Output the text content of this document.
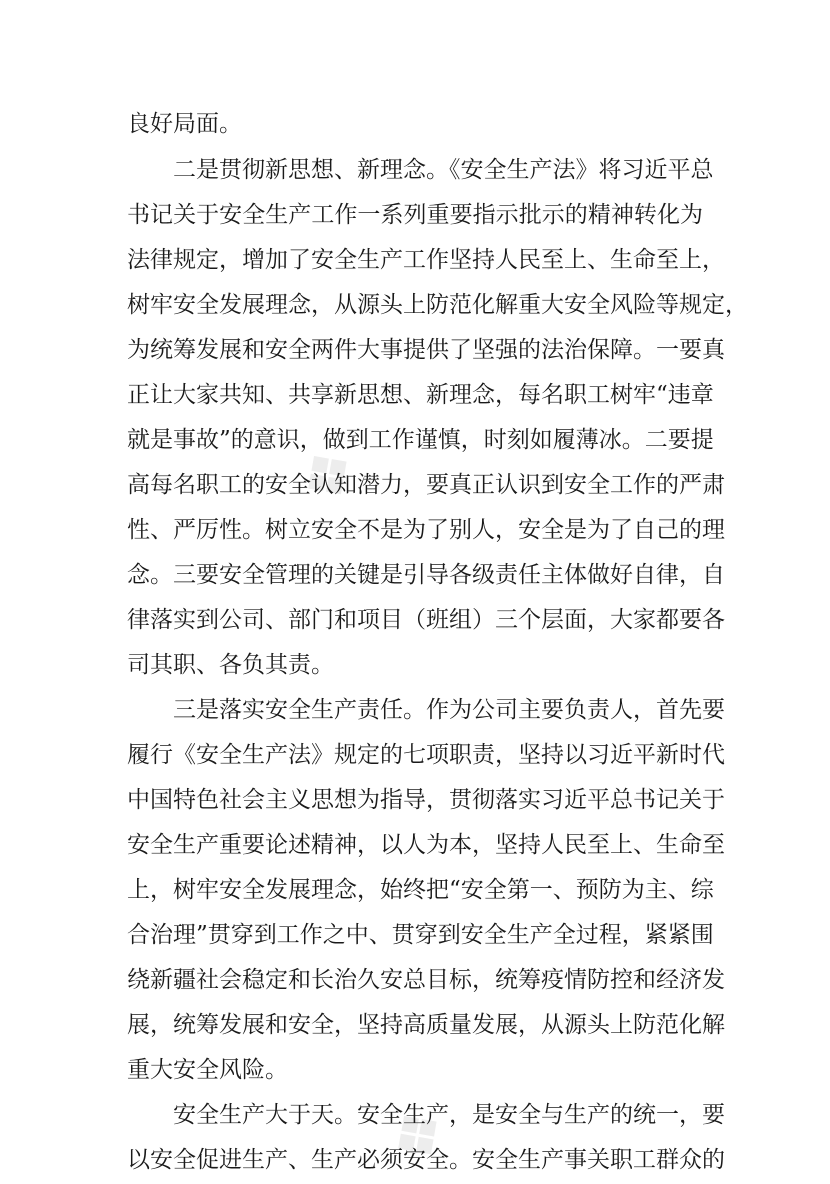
❖
❖
良好局面。
二是贯彻新思想、新理念。《安全生产法》将习近平总
书记关于安全生产工作一系列重要指示批示的精神转化为
法律规定，增加了安全生产工作坚持人民至上、生命至上，
树牢安全发展理念，从源头上防范化解重大安全风险等规定，
为统筹发展和安全两件大事提供了坚强的法治保障。一要真
正让大家共知、共享新思想、新理念，每名职工树牢“违章
就是事故”的意识，做到工作谨慎，时刻如履薄冰。二要提
高每名职工的安全认知潜力，要真正认识到安全工作的严肃
性、严厉性。树立安全不是为了别人，安全是为了自己的理
念。三要安全管理的关键是引导各级责任主体做好自律，自
律落实到公司、部门和项目（班组）三个层面，大家都要各
司其职、各负其责。
三是落实安全生产责任。作为公司主要负责人，首先要
履行《安全生产法》规定的七项职责，坚持以习近平新时代
中国特色社会主义思想为指导，贯彻落实习近平总书记关于
安全生产重要论述精神，以人为本，坚持人民至上、生命至
上，树牢安全发展理念，始终把“安全第一、预防为主、综
合治理”贯穿到工作之中、贯穿到安全生产全过程，紧紧围
绕新疆社会稳定和长治久安总目标，统筹疫情防控和经济发
展，统筹发展和安全，坚持高质量发展，从源头上防范化解
重大安全风险。
安全生产大于天。安全生产，是安全与生产的统一，要
以安全促进生产、生产必须安全。安全生产事关职工群众的
